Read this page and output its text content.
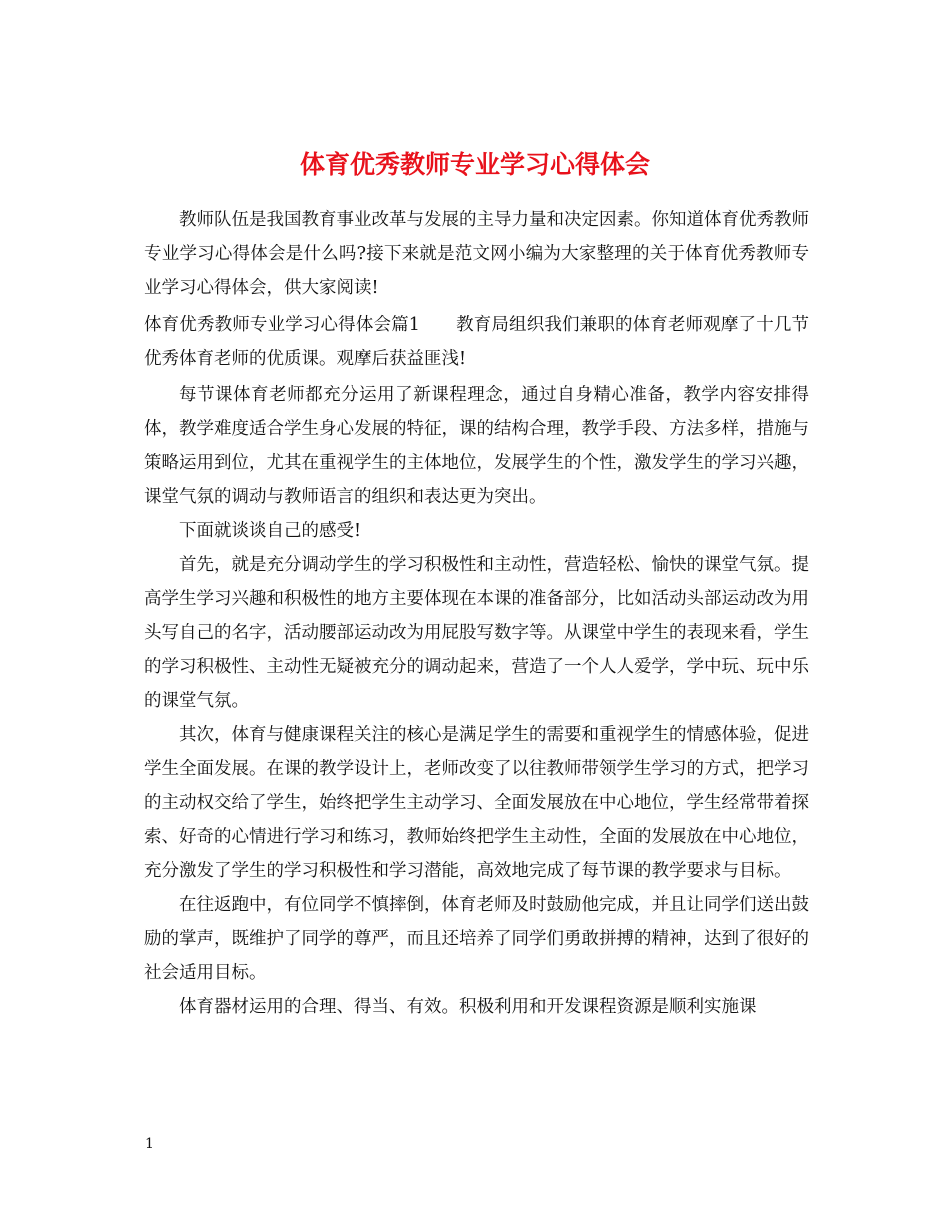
体育优秀教师专业学习心得体会

教师队伍是我国教育事业改革与发展的主导力量和决定因素。你知道体育优秀教师专业学习心得体会是什么吗?接下来就是范文网小编为大家整理的关于体育优秀教师专业学习心得体会，供大家阅读!

体育优秀教师专业学习心得体会篇1 教育局组织我们兼职的体育老师观摩了十几节优秀体育老师的优质课。观摩后获益匪浅!

每节课体育老师都充分运用了新课程理念，通过自身精心准备，教学内容安排得体，教学难度适合学生身心发展的特征，课的结构合理，教学手段、方法多样，措施与策略运用到位，尤其在重视学生的主体地位，发展学生的个性，激发学生的学习兴趣，课堂气氛的调动与教师语言的组织和表达更为突出。

下面就谈谈自己的感受!

首先，就是充分调动学生的学习积极性和主动性，营造轻松、愉快的课堂气氛。提高学生学习兴趣和积极性的地方主要体现在本课的准备部分，比如活动头部运动改为用头写自己的名字，活动腰部运动改为用屁股写数字等。从课堂中学生的表现来看，学生的学习积极性、主动性无疑被充分的调动起来，营造了一个人人爱学，学中玩、玩中乐的课堂气氛。

其次，体育与健康课程关注的核心是满足学生的需要和重视学生的情感体验，促进学生全面发展。在课的教学设计上，老师改变了以往教师带领学生学习的方式，把学习的主动权交给了学生，始终把学生主动学习、全面发展放在中心地位，学生经常带着探索、好奇的心情进行学习和练习，教师始终把学生主动性，全面的发展放在中心地位，充分激发了学生的学习积极性和学习潜能，高效地完成了每节课的教学要求与目标。

在往返跑中，有位同学不慎摔倒，体育老师及时鼓励他完成，并且让同学们送出鼓励的掌声，既维护了同学的尊严，而且还培养了同学们勇敢拼搏的精神，达到了很好的社会适用目标。

体育器材运用的合理、得当、有效。积极利用和开发课程资源是顺利实施课

1
